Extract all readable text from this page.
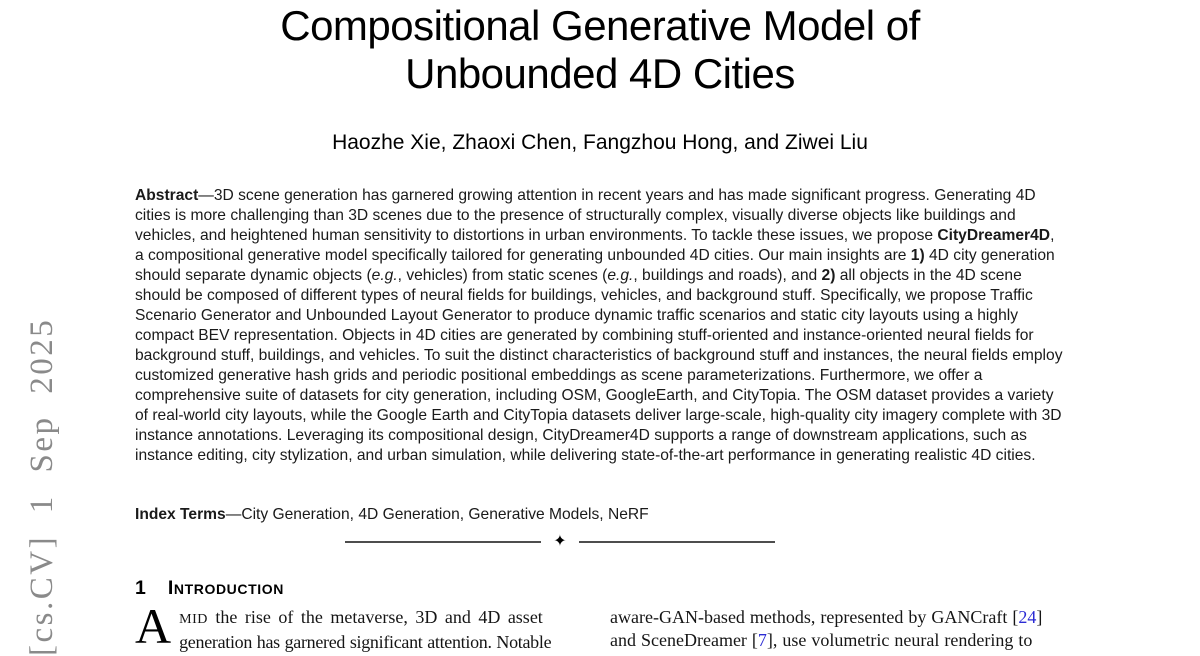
[cs.CV] 1 Sep 2025
Compositional Generative Model of
Unbounded 4D Cities
Haozhe Xie, Zhaoxi Chen, Fangzhou Hong, and Ziwei Liu
Abstract—3D scene generation has garnered growing attention in recent years and has made significant progress. Generating 4D
cities is more challenging than 3D scenes due to the presence of structurally complex, visually diverse objects like buildings and
vehicles, and heightened human sensitivity to distortions in urban environments. To tackle these issues, we propose CityDreamer4D,
a compositional generative model specifically tailored for generating unbounded 4D cities. Our main insights are 1) 4D city generation
should separate dynamic objects (e.g., vehicles) from static scenes (e.g., buildings and roads), and 2) all objects in the 4D scene
should be composed of different types of neural fields for buildings, vehicles, and background stuff. Specifically, we propose Traffic
Scenario Generator and Unbounded Layout Generator to produce dynamic traffic scenarios and static city layouts using a highly
compact BEV representation. Objects in 4D cities are generated by combining stuff-oriented and instance-oriented neural fields for
background stuff, buildings, and vehicles. To suit the distinct characteristics of background stuff and instances, the neural fields employ
customized generative hash grids and periodic positional embeddings as scene parameterizations. Furthermore, we offer a
comprehensive suite of datasets for city generation, including OSM, GoogleEarth, and CityTopia. The OSM dataset provides a variety
of real-world city layouts, while the Google Earth and CityTopia datasets deliver large-scale, high-quality city imagery complete with 3D
instance annotations. Leveraging its compositional design, CityDreamer4D supports a range of downstream applications, such as
instance editing, city stylization, and urban simulation, while delivering state-of-the-art performance in generating realistic 4D cities.
Index Terms—City Generation, 4D Generation, Generative Models, NeRF
✦
1 Introduction
A MID the rise of the metaverse, 3D and 4D asset
generation has garnered significant attention. Notable
aware-GAN-based methods, represented by GANCraft [24]
and SceneDreamer [7], use volumetric neural rendering to
